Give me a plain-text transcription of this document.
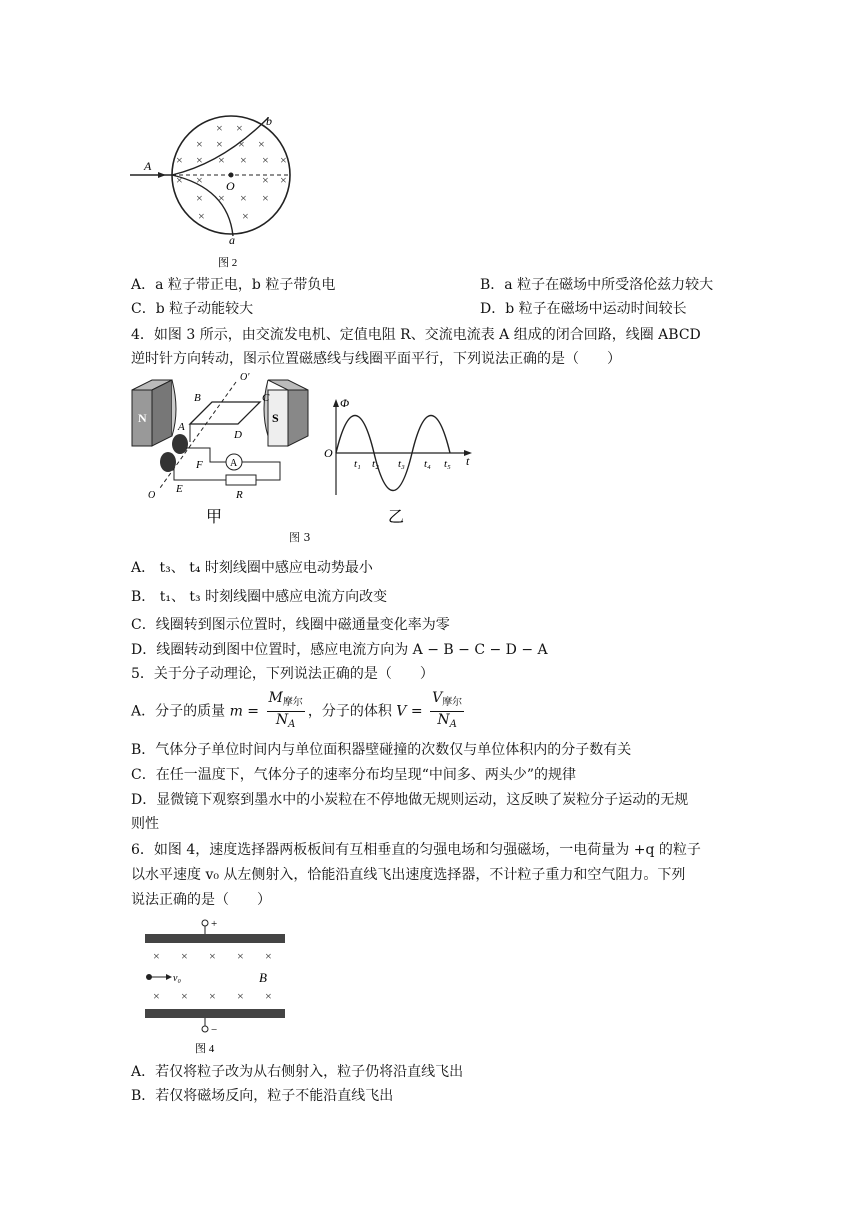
× ×
× × × ×
× × × × × ×
× ×	× ×
× × × ×
×	×
A
O
b
a
图 2
A．a 粒子带正电，b 粒子带负电	B．a 粒子在磁场中所受洛伦兹力较大
C．b 粒子动能较大	D．b 粒子在磁场中运动时间较长
4．如图 3 所示，由交流发电机、定值电阻 R、交流电流表 A 组成的闭合回路，线圈 ABCD
逆时针方向转动，图示位置磁感线与线圈平面平行，下列说法正确的是（　　）
N	S
A
B	C
A
D
F
E	R
O'
O
甲
Φ
O
t
t₁ t₂ t₃ t₄ t₅
乙
图 3
A． t₃、 t₄ 时刻线圈中感应电动势最小
B． t₁、 t₃ 时刻线圈中感应电流方向改变
C．线圈转到图示位置时，线圈中磁通量变化率为零
D．线圈转动到图中位置时，感应电流方向为 A − B − C − D − A
5．关于分子动理论，下列说法正确的是（　　）
A．分子的质量 $m = \frac{M_{摩尔}}{N_A}$ ，分子的体积 $V = \frac{V_{摩尔}}{N_A}$
B．气体分子单位时间内与单位面积器壁碰撞的次数仅与单位体积内的分子数有关
C．在任一温度下，气体分子的速率分布均呈现“中间多、两头少”的规律
D．显微镜下观察到墨水中的小炭粒在不停地做无规则运动，这反映了炭粒分子运动的无规
则性
6．如图 4，速度选择器两板板间有互相垂直的匀强电场和匀强磁场，一电荷量为 +q 的粒子
以水平速度 v₀ 从左侧射入，恰能沿直线飞出速度选择器，不计粒子重力和空气阻力。下列
说法正确的是（　　）
+
−
× × × × ×
× × × × ×
v₀	B
图 4
A．若仅将粒子改为从右侧射入，粒子仍将沿直线飞出
B．若仅将磁场反向，粒子不能沿直线飞出
